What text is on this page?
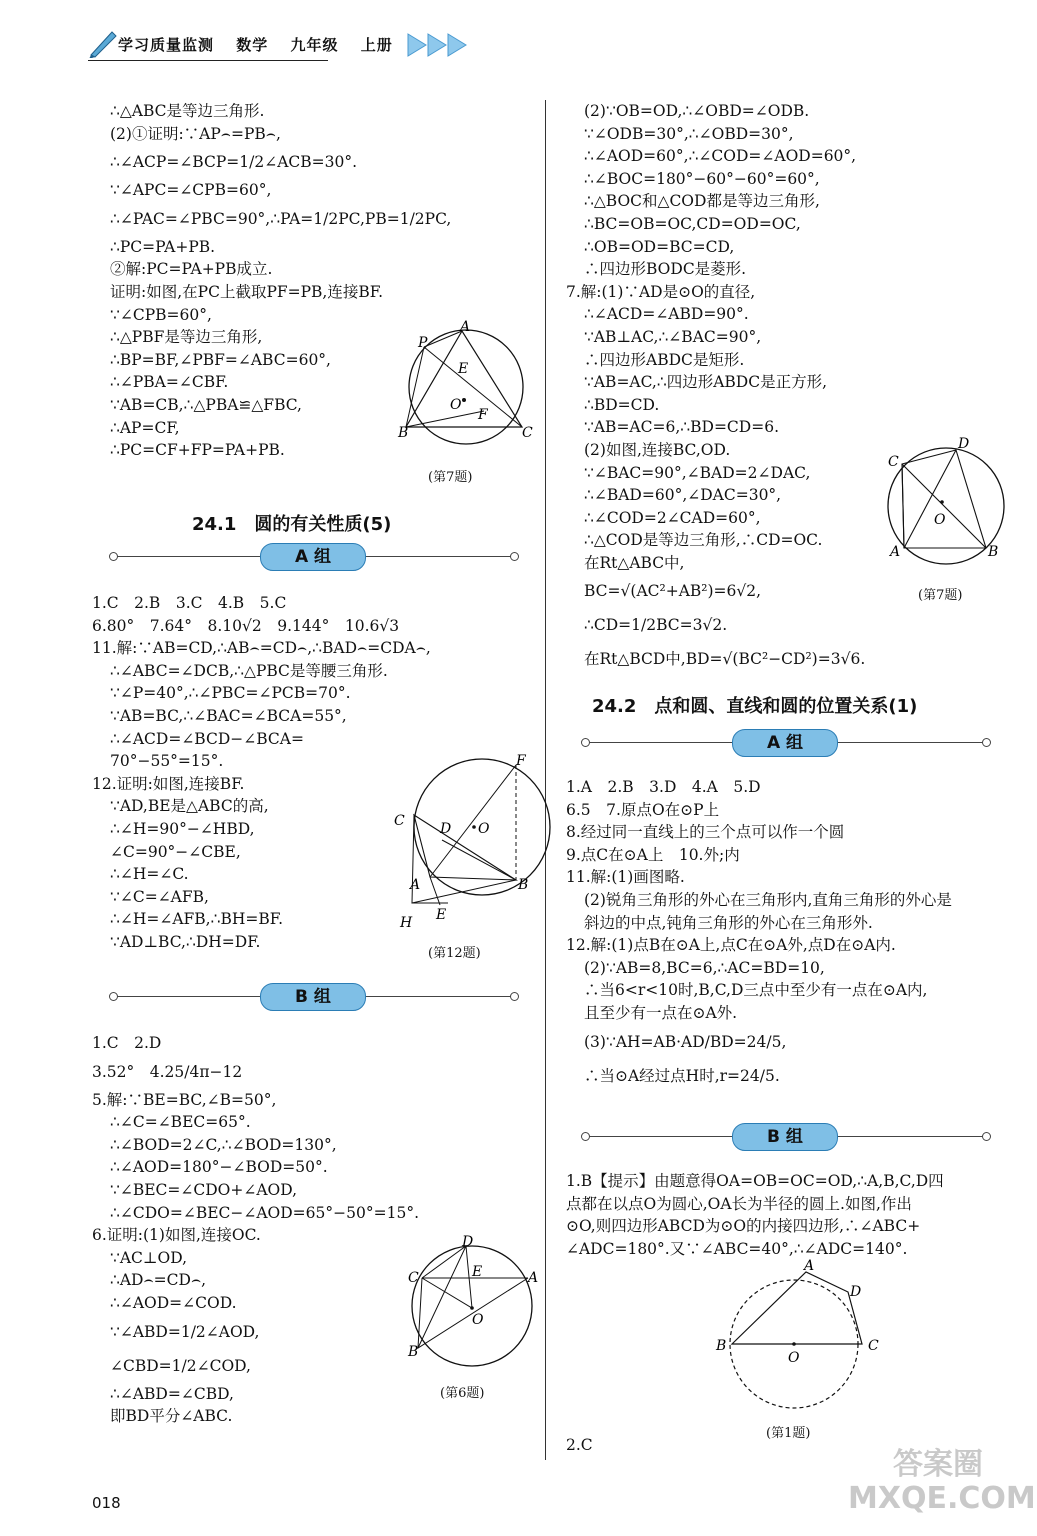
学习质量监测 数学 九年级 上册
∴△ABC是等边三角形.
(2)①证明:∵AP⌢=PB⌢,
∴∠ACP=∠BCP=1/2∠ACB=30°.
∵∠APC=∠CPB=60°,
∴∠PAC=∠PBC=90°,∴PA=1/2PC,PB=1/2PC,
∴PC=PA+PB.
②解:PC=PA+PB成立.
证明:如图,在PC上截取PF=PB,连接BF.
∵∠CPB=60°,
∴△PBF是等边三角形,
∴BP=BF,∠PBF=∠ABC=60°,
∴∠PBA=∠CBF.
∵AB=CB,∴△PBA≌△FBC,
∴AP=CF,
∴PC=CF+FP=PA+PB.
A
P
E
O
F
B	C
(第7题)
24.1　圆的有关性质(5)
A 组
1.C　2.B　3.C　4.B　5.C
6.80°　7.64°　8.10√2　9.144°　10.6√3
11.解:∵AB=CD,∴AB⌢=CD⌢,∴BAD⌢=CDA⌢,
∴∠ABC=∠DCB,∴△PBC是等腰三角形.
∵∠P=40°,∴∠PBC=∠PCB=70°.
∵AB=BC,∴∠BAC=∠BCA=55°,
∴∠ACD=∠BCD−∠BCA=
70°−55°=15°.
12.证明:如图,连接BF.
∵AD,BE是△ABC的高,
∴∠H=90°−∠HBD,
∠C=90°−∠CBE,
∴∠H=∠C.
∵∠C=∠AFB,
∴∠H=∠AFB,∴BH=BF.
∵AD⊥BC,∴DH=DF.
F
C	D O
A	B
E
H
(第12题)
B 组
1.C　2.D
3.52°　4.25/4π−12
5.解:∵BE=BC,∠B=50°,
∴∠C=∠BEC=65°.
∴∠BOD=2∠C,∴∠BOD=130°,
∴∠AOD=180°−∠BOD=50°.
∵∠BEC=∠CDO+∠AOD,
∴∠CDO=∠BEC−∠AOD=65°−50°=15°.
6.证明:(1)如图,连接OC.
∵AC⊥OD,
∴AD⌢=CD⌢,
∴∠AOD=∠COD.
∵∠ABD=1/2∠AOD,
∠CBD=1/2∠COD,
∴∠ABD=∠CBD,
即BD平分∠ABC.
D
C	E	A
O
B
(第6题)
(2)∵OB=OD,∴∠OBD=∠ODB.
∵∠ODB=30°,∴∠OBD=30°,
∴∠AOD=60°,∴∠COD=∠AOD=60°,
∴∠BOC=180°−60°−60°=60°,
∴△BOC和△COD都是等边三角形,
∴BC=OB=OC,CD=OD=OC,
∴OB=OD=BC=CD,
∴四边形BODC是菱形.
7.解:(1)∵AD是⊙O的直径,
∴∠ACD=∠ABD=90°.
∵AB⊥AC,∴∠BAC=90°,
∴四边形ABDC是矩形.
∵AB=AC,∴四边形ABDC是正方形,
∴BD=CD.
∵AB=AC=6,∴BD=CD=6.
(2)如图,连接BC,OD.
∵∠BAC=90°,∠BAD=2∠DAC,
∴∠BAD=60°,∠DAC=30°,
∴∠COD=2∠CAD=60°,
∴△COD是等边三角形,∴CD=OC.
在Rt△ABC中,
BC=√(AC²+AB²)=6√2,
∴CD=1/2BC=3√2.
在Rt△BCD中,BD=√(BC²−CD²)=3√6.
D
C
O
A	B
(第7题)
24.2　点和圆、直线和圆的位置关系(1)
A 组
1.A　2.B　3.D　4.A　5.D
6.5　7.原点O在⊙P上
8.经过同一直线上的三个点可以作一个圆
9.点C在⊙A上　10.外;内
11.解:(1)画图略.
(2)锐角三角形的外心在三角形内,直角三角形的外心是
斜边的中点,钝角三角形的外心在三角形外.
12.解:(1)点B在⊙A上,点C在⊙A外,点D在⊙A内.
(2)∵AB=8,BC=6,∴AC=BD=10,
∴当6<r<10时,B,C,D三点中至少有一点在⊙A内,
且至少有一点在⊙A外.
(3)∵AH=AB·AD/BD=24/5,
∴当⊙A经过点H时,r=24/5.
B 组
1.B【提示】由题意得OA=OB=OC=OD,∴A,B,C,D四
点都在以点O为圆心,OA长为半径的圆上.如图,作出
⊙O,则四边形ABCD为⊙O的内接四边形,∴∠ABC+
∠ADC=180°.又∵∠ABC=40°,∴∠ADC=140°.
A
D
C
B
O
(第1题)
2.C
018
答案圈 MXQE.COM
